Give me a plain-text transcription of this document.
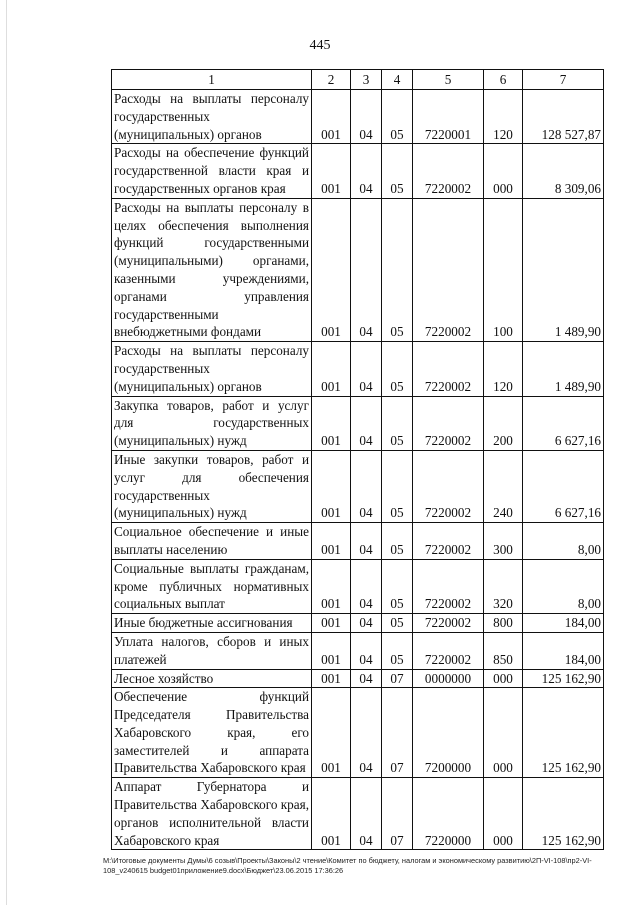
445
1	2	3	4	5	6	7
Расходы на выплаты персоналу государственных (муниципальных) органов	001	04	05	7220001	120	128 527,87
Расходы на обеспечение функций государственной власти края и государственных органов края	001	04	05	7220002	000	8 309,06
Расходы на выплаты персоналу в целях обеспечения выполнения функций государственными (муниципальными) органами, казенными учреждениями, органами управления государственными внебюджетными фондами	001	04	05	7220002	100	1 489,90
Расходы на выплаты персоналу государственных (муниципальных) органов	001	04	05	7220002	120	1 489,90
Закупка товаров, работ и услуг для государственных (муниципальных) нужд	001	04	05	7220002	200	6 627,16
Иные закупки товаров, работ и услуг для обеспечения государственных (муниципальных) нужд	001	04	05	7220002	240	6 627,16
Социальное обеспечение и иные выплаты населению	001	04	05	7220002	300	8,00
Социальные выплаты гражданам, кроме публичных нормативных социальных выплат	001	04	05	7220002	320	8,00
Иные бюджетные ассигнования	001	04	05	7220002	800	184,00
Уплата налогов, сборов и иных платежей	001	04	05	7220002	850	184,00
Лесное хозяйство	001	04	07	0000000	000	125 162,90
Обеспечение функций Председателя Правительства Хабаровского края, его заместителей и аппарата Правительства Хабаровского края	001	04	07	7200000	000	125 162,90
Аппарат Губернатора и Правительства Хабаровского края, органов исполнительной власти Хабаровского края	001	04	07	7220000	000	125 162,90
M:\Итоговые документы Думы\6 созыв\Проекты\Законы\2 чтение\Комитет по бюджету, налогам и экономическому развитию\2П-VI-108\пр2-VI-108_v240615 budget01приложение9.docx\Бюджет\23.06.2015 17:36:26
